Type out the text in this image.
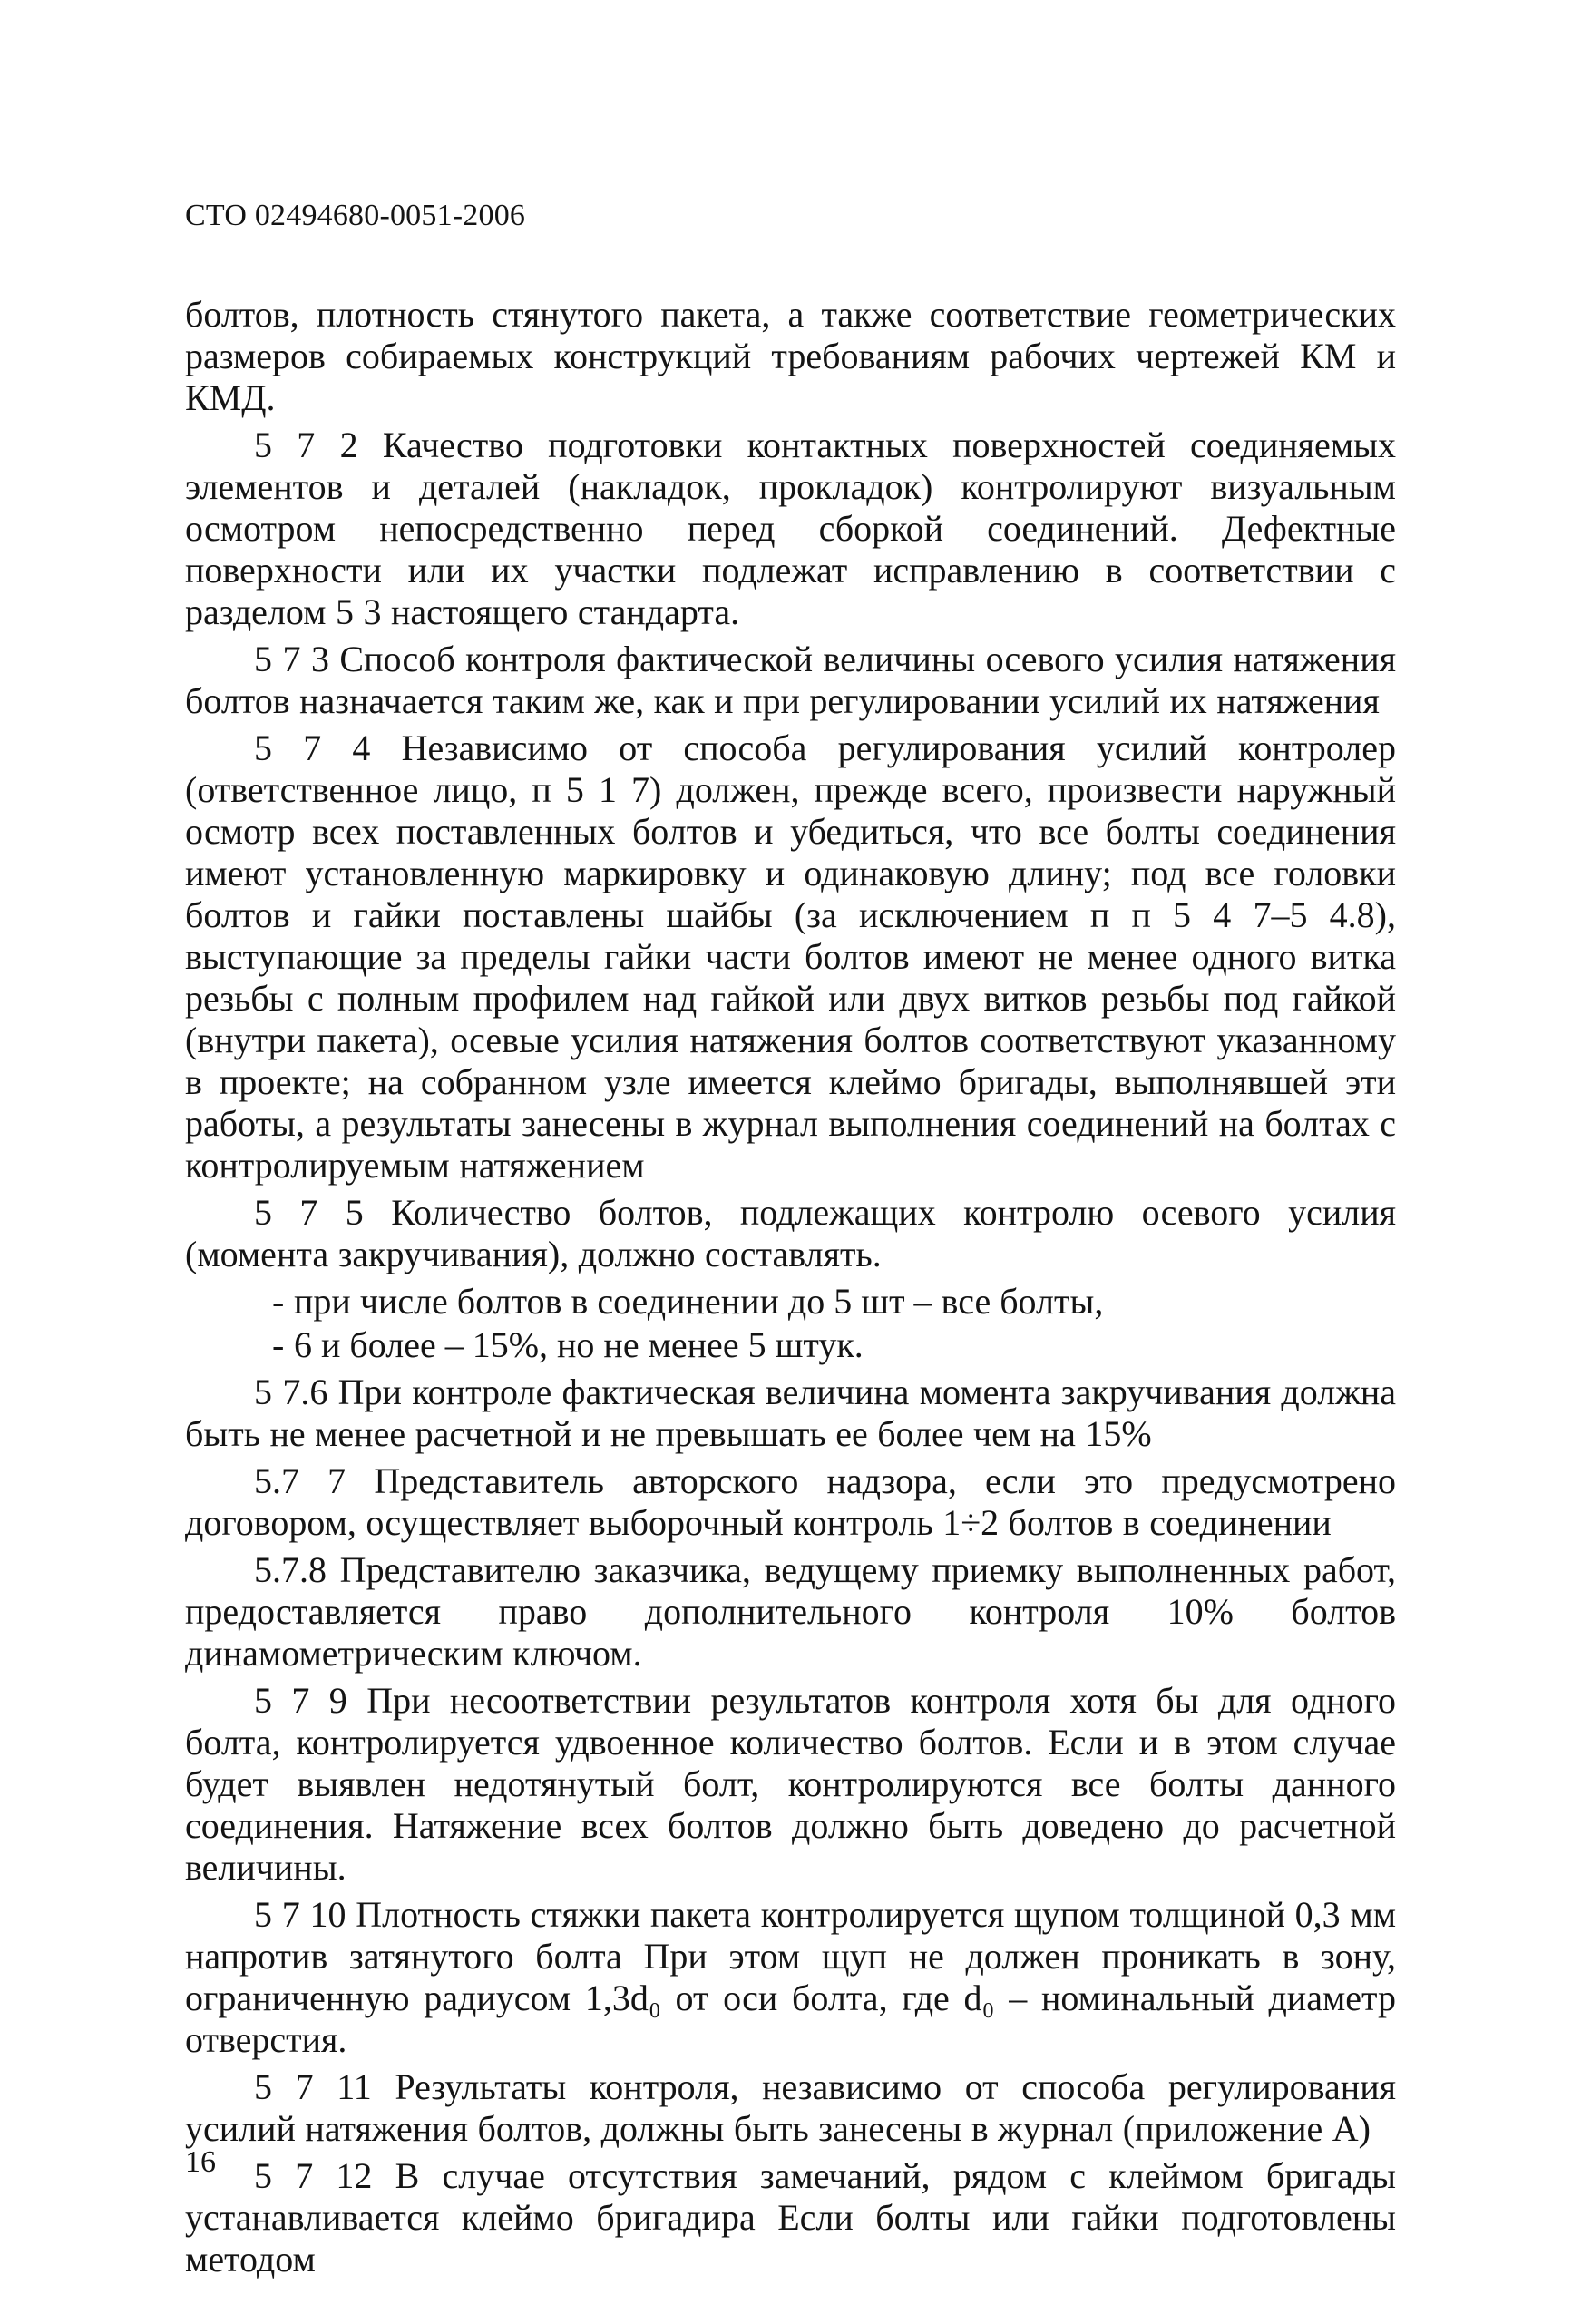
СТО 02494680-0051-2006

болтов, плотность стянутого пакета, а также соответствие геометрических размеров собираемых конструкций требованиям рабочих чертежей КМ и КМД.

5 7 2 Качество подготовки контактных поверхностей соединяемых элементов и деталей (накладок, прокладок) контролируют визуальным осмотром непосредственно перед сборкой соединений. Дефектные поверхности или их участки подлежат исправлению в соответствии с разделом 5 3 настоящего стандарта.

5 7 3 Способ контроля фактической величины осевого усилия натяжения болтов назначается таким же, как и при регулировании усилий их натяжения

5 7 4 Независимо от способа регулирования усилий контролер (ответственное лицо, п 5 1 7) должен, прежде всего, произвести наружный осмотр всех поставленных болтов и убедиться, что все болты соединения имеют установленную маркировку и одинаковую длину; под все головки болтов и гайки поставлены шайбы (за исключением п п 5 4 7–5 4.8), выступающие за пределы гайки части болтов имеют не менее одного витка резьбы с полным профилем над гайкой или двух витков резьбы под гайкой (внутри пакета), осевые усилия натяжения болтов соответствуют указанному в проекте; на собранном узле имеется клеймо бригады, выполнявшей эти работы, а результаты занесены в журнал выполнения соединений на болтах с контролируемым натяжением

5 7 5 Количество болтов, подлежащих контролю осевого усилия (момента закручивания), должно составлять.

- при числе болтов в соединении до 5 шт – все болты,
- 6 и более – 15%, но не менее 5 штук.

5 7.6 При контроле фактическая величина момента закручивания должна быть не менее расчетной и не превышать ее более чем на 15%

5.7 7 Представитель авторского надзора, если это предусмотрено договором, осуществляет выборочный контроль 1÷2 болтов в соединении

5.7.8 Представителю заказчика, ведущему приемку выполненных работ, предоставляется право дополнительного контроля 10% болтов динамометрическим ключом.

5 7 9 При несоответствии результатов контроля хотя бы для одного болта, контролируется удвоенное количество болтов. Если и в этом случае будет выявлен недотянутый болт, контролируются все болты данного соединения. Натяжение всех болтов должно быть доведено до расчетной величины.

5 7 10 Плотность стяжки пакета контролируется щупом толщиной 0,3 мм напротив затянутого болта При этом щуп не должен проникать в зону, ограниченную радиусом 1,3d₀ от оси болта, где d₀ – номинальный диаметр отверстия.

5 7 11 Результаты контроля, независимо от способа регулирования усилий натяжения болтов, должны быть занесены в журнал (приложение А)

5 7 12 В случае отсутствия замечаний, рядом с клеймом бригады устанавливается клеймо бригадира Если болты или гайки подготовлены методом

16
